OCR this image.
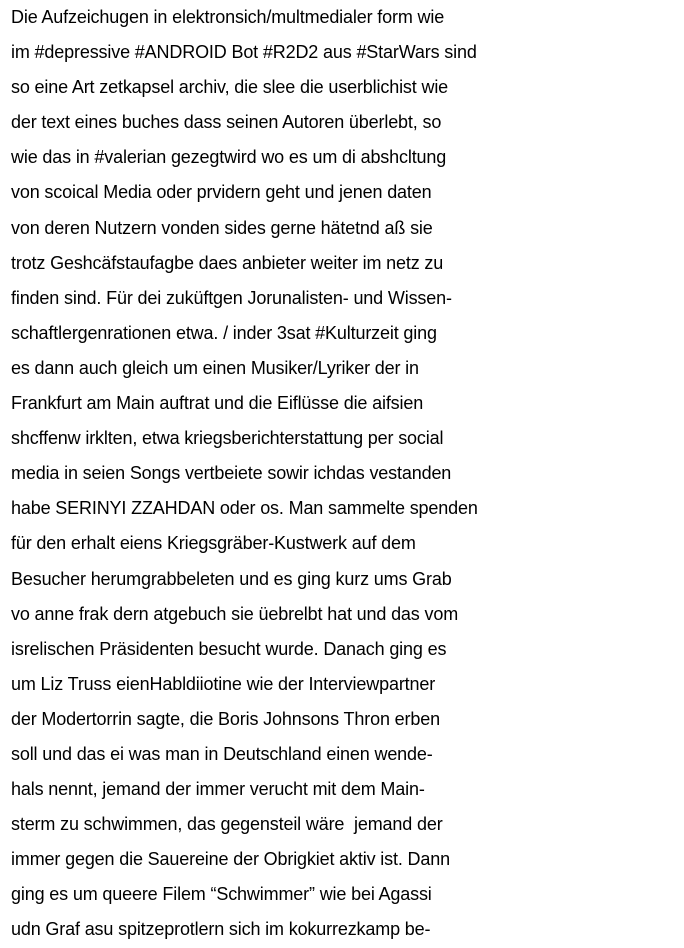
Die Aufzeichugen in elektronsich/multmedialer form wie
im #depressive #ANDROID Bot #R2D2 aus #StarWars sind
so eine Art zetkapsel archiv, die slee die userblichist wie
der text eines buches dass seinen Autoren überlebt, so
wie das in #valerian gezegtwird wo es um di abshcltung
von scoical Media oder prvidern geht und jenen daten
von deren Nutzern vonden sides gerne hätetnd aß sie
trotz Geshcäfstaufagbe daes anbieter weiter im netz zu
finden sind. Für dei zuküftgen Jorunalisten- und Wissen-
schaftlergenrationen etwa. / inder 3sat #Kulturzeit ging
es dann auch gleich um einen Musiker/Lyriker der in
Frankfurt am Main auftrat und die Eiflüsse die aifsien
shcffenw irklten, etwa kriegsberichterstattung per social
media in seien Songs vertbeiete sowir ichdas vestanden
habe SERINYI ZZAHDAN oder os. Man sammelte spenden
für den erhalt eiens Kriegsgräber-Kustwerk auf dem
Besucher herumgrabbeleten und es ging kurz ums Grab
vo anne frak dern atgebuch sie üebrelbt hat und das vom
isrelischen Präsidenten besucht wurde. Danach ging es
um Liz Truss eienHabldiiotine wie der Interviewpartner
der Modertorrin sagte, die Boris Johnsons Thron erben
soll und das ei was man in Deutschland einen wende-
hals nennt, jemand der immer verucht mit dem Main-
sterm zu schwimmen, das gegensteil wäre  jemand der
immer gegen die Sauereine der Obrigkiet aktiv ist. Dann
ging es um queere Filem “Schwimmer” wie bei Agassi
udn Graf asu spitzeprotlern sich im kokurrezkamp be-
